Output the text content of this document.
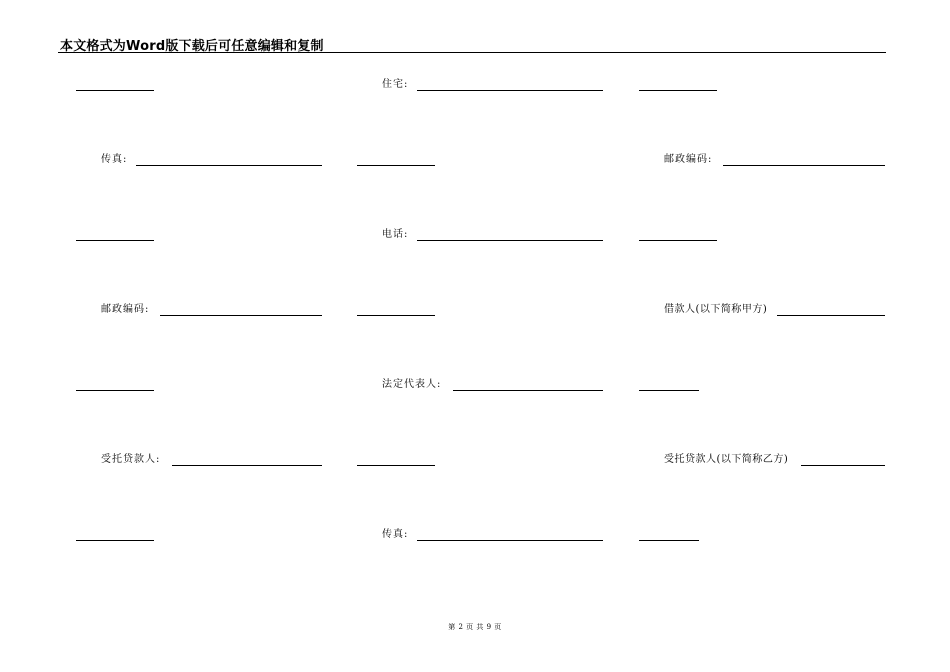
本文格式为Word版下载后可任意编辑和复制
住宅:
传真:	邮政编码:
电话:
邮政编码:	借款人(以下简称甲方)
法定代表人:
受托贷款人:	受托贷款人(以下简称乙方)
传真:
第 2 页 共 9 页
